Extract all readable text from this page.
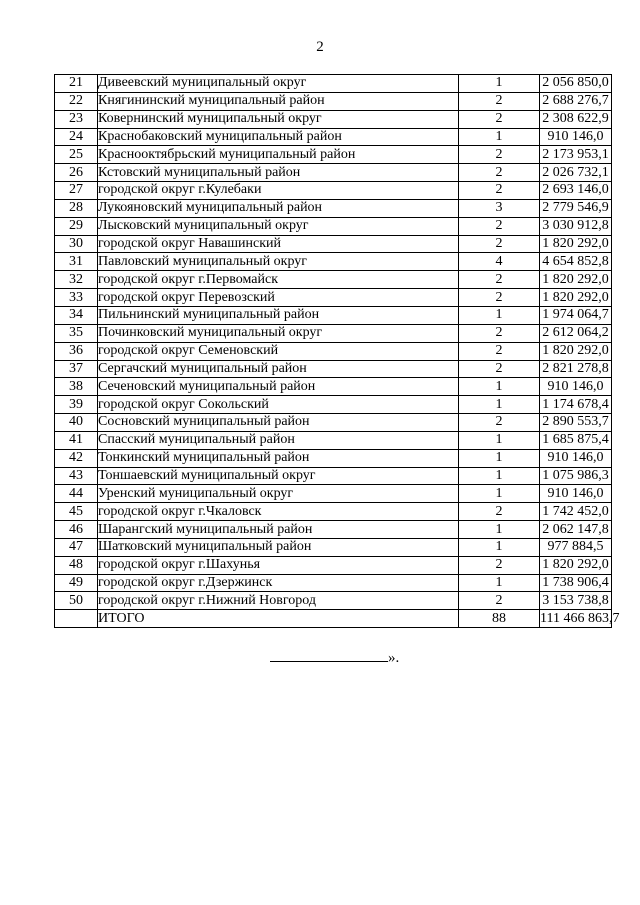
2
21	Дивеевский муниципальный округ	1	2 056 850,0
22	Княгининский муниципальный район	2	2 688 276,7
23	Ковернинский муниципальный округ	2	2 308 622,9
24	Краснобаковский муниципальный район	1	910 146,0
25	Краснооктябрьский муниципальный район	2	2 173 953,1
26	Кстовский муниципальный район	2	2 026 732,1
27	городской округ г.Кулебаки	2	2 693 146,0
28	Лукояновский муниципальный район	3	2 779 546,9
29	Лысковский муниципальный округ	2	3 030 912,8
30	городской округ Навашинский	2	1 820 292,0
31	Павловский муниципальный округ	4	4 654 852,8
32	городской округ г.Первомайск	2	1 820 292,0
33	городской округ Перевозский	2	1 820 292,0
34	Пильнинский муниципальный район	1	1 974 064,7
35	Починковский муниципальный округ	2	2 612 064,2
36	городской округ Семеновский	2	1 820 292,0
37	Сергачский муниципальный район	2	2 821 278,8
38	Сеченовский муниципальный район	1	910 146,0
39	городской округ Сокольский	1	1 174 678,4
40	Сосновский муниципальный район	2	2 890 553,7
41	Спасский муниципальный район	1	1 685 875,4
42	Тонкинский муниципальный район	1	910 146,0
43	Тоншаевский муниципальный округ	1	1 075 986,3
44	Уренский муниципальный округ	1	910 146,0
45	городской округ г.Чкаловск	2	1 742 452,0
46	Шарангский муниципальный район	1	2 062 147,8
47	Шатковский муниципальный район	1	977 884,5
48	городской округ г.Шахунья	2	1 820 292,0
49	городской округ г.Дзержинск	1	1 738 906,4
50	городской округ г.Нижний Новгород	2	3 153 738,8
	ИТОГО	88	111 466 863,7
».
